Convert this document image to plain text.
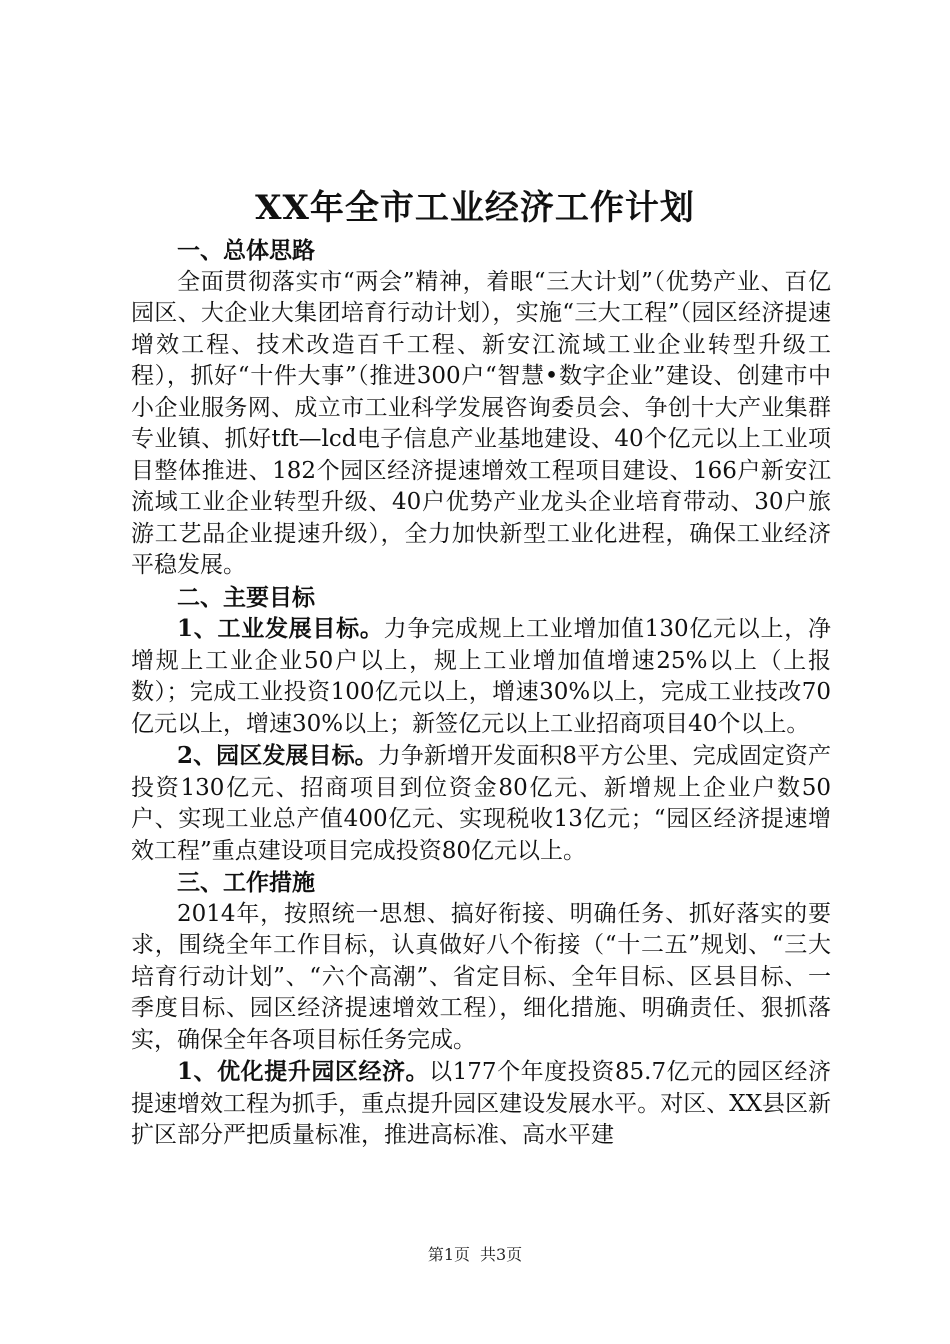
XX年全市工业经济工作计划
一、总体思路

全面贯彻落实市“两会”精神，着眼“三大计划”（优势产业、百亿园区、大企业大集团培育行动计划），实施“三大工程”（园区经济提速增效工程、技术改造百千工程、新安江流域工业企业转型升级工程），抓好“十件大事”（推进300户“智慧•数字企业”建设、创建市中小企业服务网、成立市工业科学发展咨询委员会、争创十大产业集群专业镇、抓好tft—lcd电子信息产业基地建设、40个亿元以上工业项目整体推进、182个园区经济提速增效工程项目建设、166户新安江流域工业企业转型升级、40户优势产业龙头企业培育带动、30户旅游工艺品企业提速升级），全力加快新型工业化进程，确保工业经济平稳发展。

二、主要目标

1、工业发展目标。力争完成规上工业增加值130亿元以上，净增规上工业企业50户以上，规上工业增加值增速25%以上（上报数）；完成工业投资100亿元以上，增速30%以上，完成工业技改70亿元以上，增速30%以上；新签亿元以上工业招商项目40个以上。

2、园区发展目标。力争新增开发面积8平方公里、完成固定资产投资130亿元、招商项目到位资金80亿元、新增规上企业户数50户、实现工业总产值400亿元、实现税收13亿元；“园区经济提速增效工程”重点建设项目完成投资80亿元以上。

三、工作措施

2014年，按照统一思想、搞好衔接、明确任务、抓好落实的要求，围绕全年工作目标，认真做好八个衔接（“十二五”规划、“三大培育行动计划”、“六个高潮”、省定目标、全年目标、区县目标、一季度目标、园区经济提速增效工程），细化措施、明确责任、狠抓落实，确保全年各项目标任务完成。

1、优化提升园区经济。以177个年度投资85.7亿元的园区经济提速增效工程为抓手，重点提升园区建设发展水平。对区、XX县区新扩区部分严把质量标准，推进高标准、高水平建

第1页 共3页
